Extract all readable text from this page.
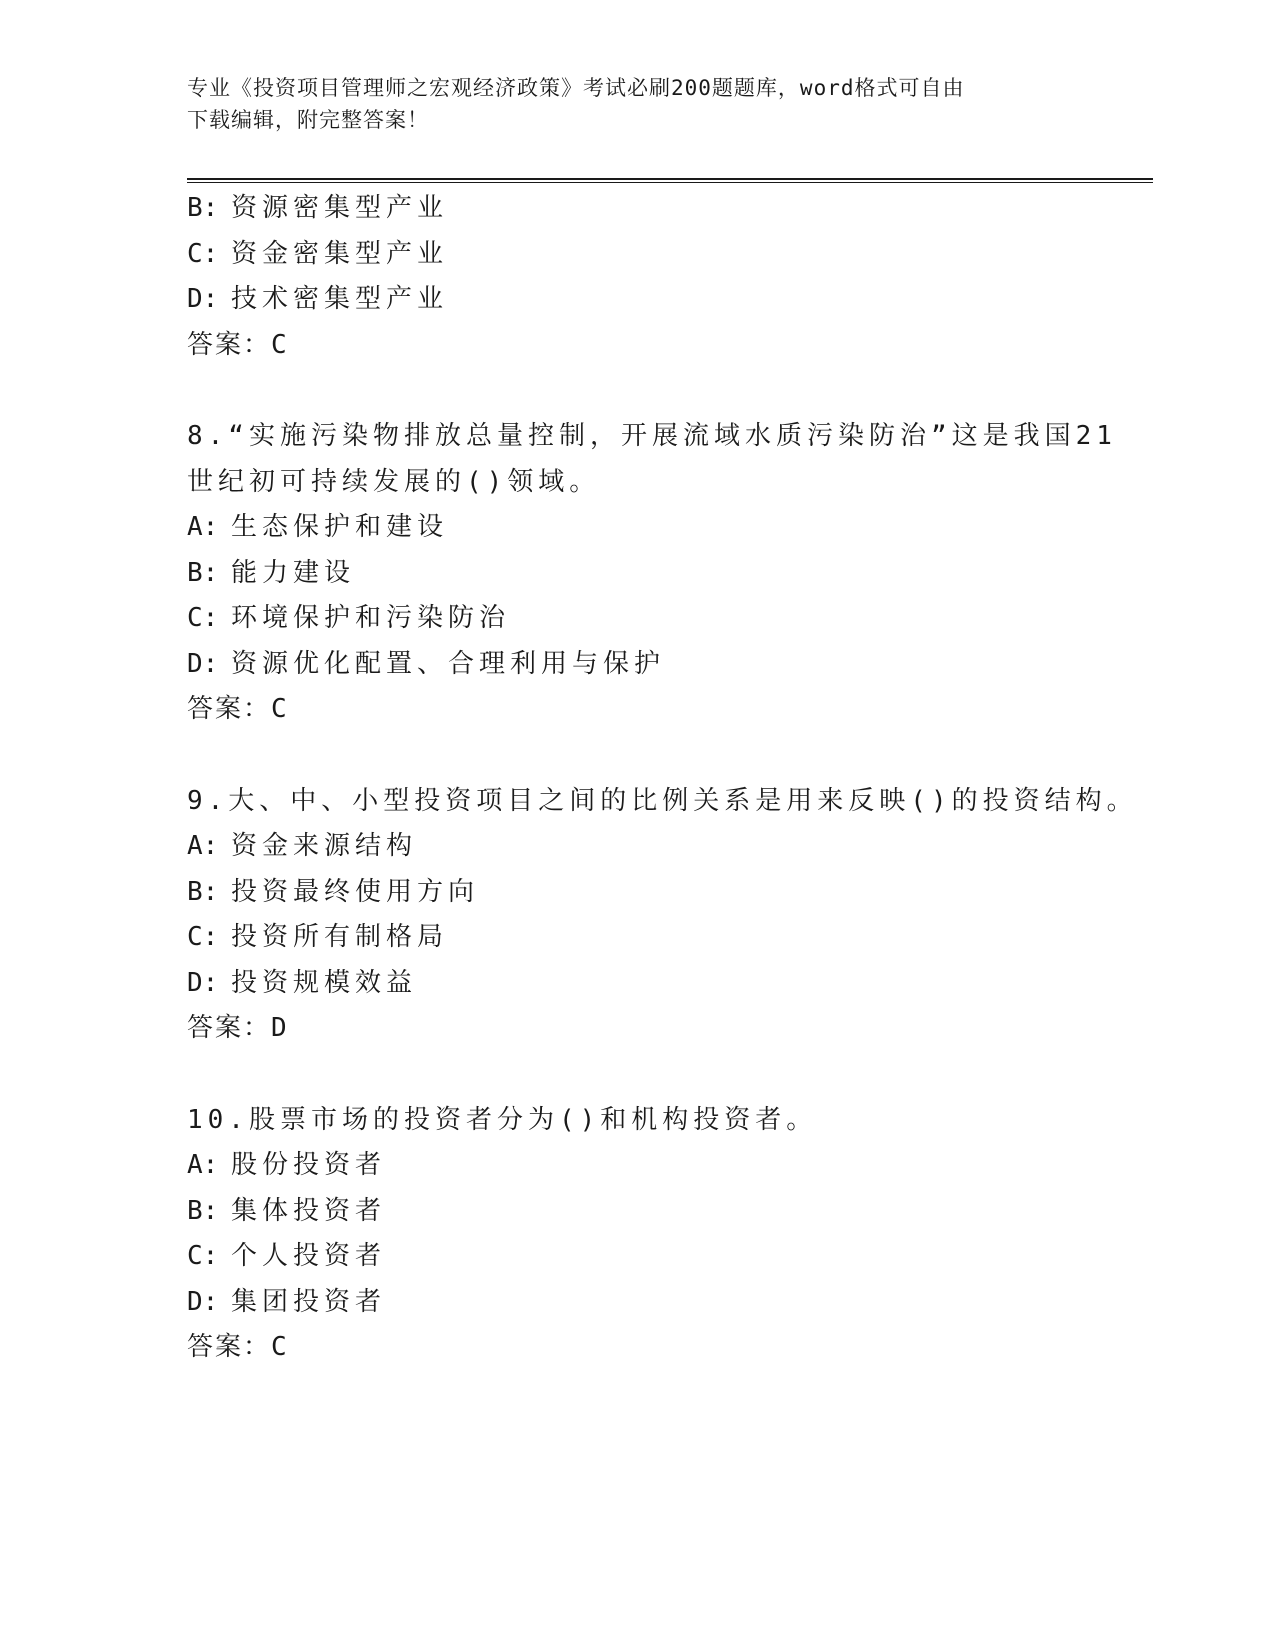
专业《投资项目管理师之宏观经济政策》考试必刷200题题库，word格式可自由
下载编辑，附完整答案！
B: 资源密集型产业
C: 资金密集型产业
D: 技术密集型产业
答案：C
8.“实施污染物排放总量控制，开展流域水质污染防治”这是我国21
世纪初可持续发展的()领域。
A: 生态保护和建设
B: 能力建设
C: 环境保护和污染防治
D: 资源优化配置、合理利用与保护
答案：C
9.大、中、小型投资项目之间的比例关系是用来反映()的投资结构。
A: 资金来源结构
B: 投资最终使用方向
C: 投资所有制格局
D: 投资规模效益
答案：D
10.股票市场的投资者分为()和机构投资者。
A: 股份投资者
B: 集体投资者
C: 个人投资者
D: 集团投资者
答案：C
